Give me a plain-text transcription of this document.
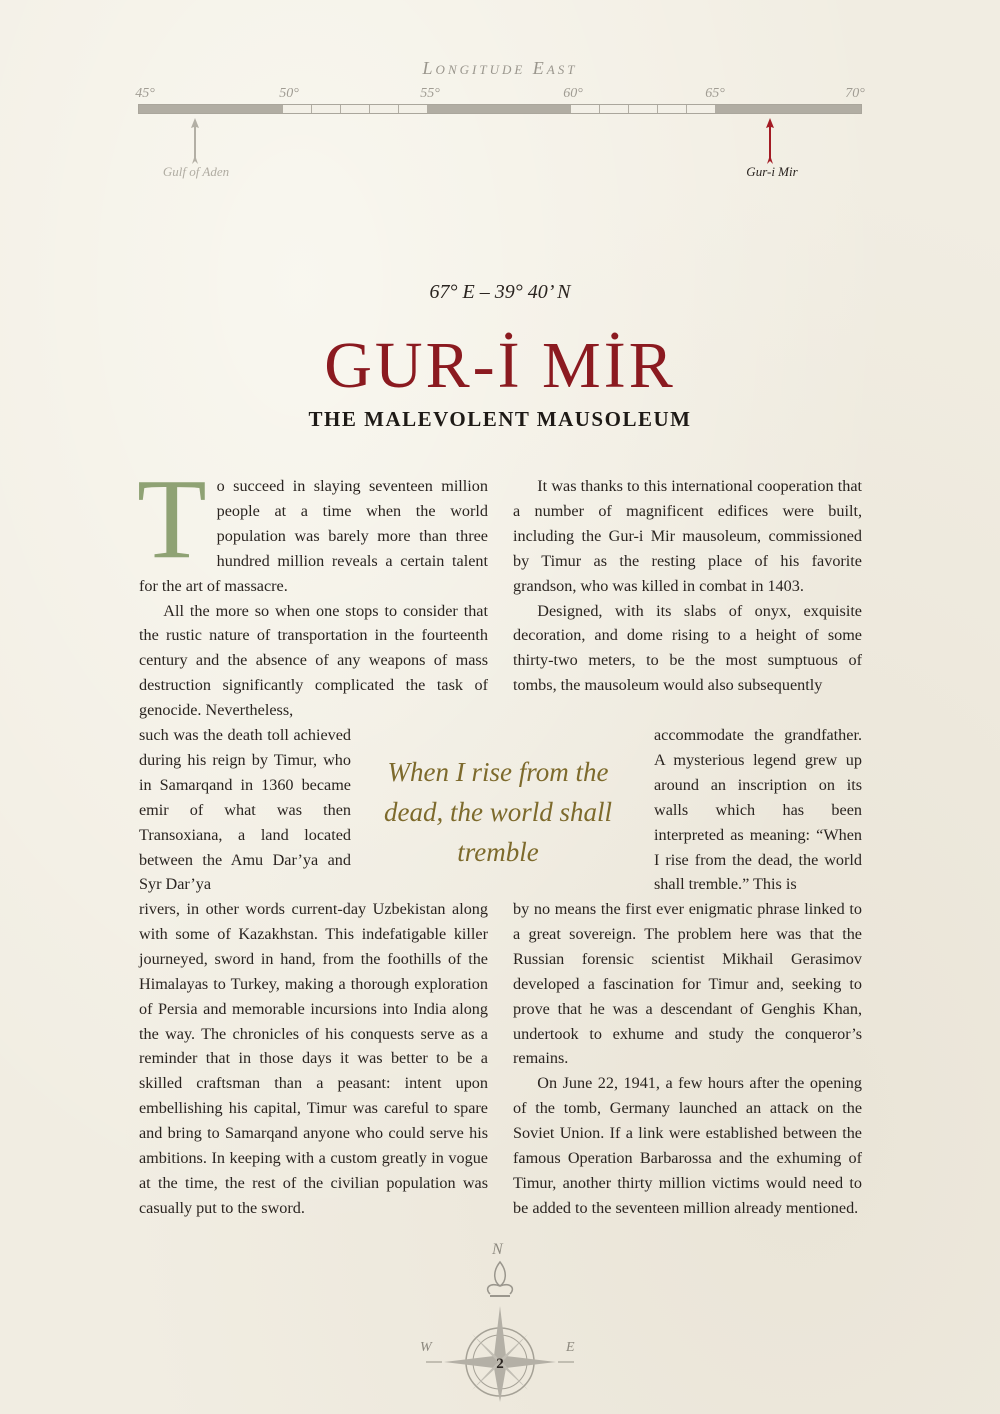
Longitude East
45°	50°	55°	60°	65°	70°
Gulf of Aden	Gur-i Mir
67° E – 39° 40’ N
GUR-İ MİR
THE MALEVOLENT MAUSOLEUM

To succeed in slaying seventeen million people at a time when the world population was barely more than three hundred million reveals a certain talent for the art of massacre.

All the more so when one stops to consider that the rustic nature of transportation in the fourteenth century and the absence of any weapons of mass destruction significantly complicated the task of genocide. Nevertheless,

such was the death toll achieved during his reign by Timur, who in Samarqand in 1360 became emir of what was then Transoxiana, a land located between the Amu Dar’ya and Syr Dar’ya

rivers, in other words current-day Uzbekistan along with some of Kazakhstan. This indefatigable killer journeyed, sword in hand, from the foothills of the Himalayas to Turkey, making a thorough exploration of Persia and memorable incursions into India along the way. The chronicles of his conquests serve as a reminder that in those days it was better to be a skilled craftsman than a peasant: intent upon embellishing his capital, Timur was careful to spare and bring to Samarqand anyone who could serve his ambitions. In keeping with a custom greatly in vogue at the time, the rest of the civilian population was casually put to the sword.

It was thanks to this international cooperation that a number of magnificent edifices were built, including the Gur-i Mir mausoleum, commissioned by Timur as the resting place of his favorite grandson, who was killed in combat in 1403.

Designed, with its slabs of onyx, exquisite decoration, and dome rising to a height of some thirty-two meters, to be the most sumptuous of tombs, the mausoleum would also subsequently

accommodate the grandfather. A mysterious legend grew up around an inscription on its walls which has been interpreted as meaning: “When I rise from the dead, the world shall tremble.” This is

by no means the first ever enigmatic phrase linked to a great sovereign. The problem here was that the Russian forensic scientist Mikhail Gerasimov developed a fascination for Timur and, seeking to prove that he was a descendant of Genghis Khan, undertook to exhume and study the conqueror’s remains.

On June 22, 1941, a few hours after the opening of the tomb, Germany launched an attack on the Soviet Union. If a link were established between the famous Operation Barbarossa and the exhuming of Timur, another thirty million victims would need to be added to the seventeen million already mentioned.

When I rise from the dead, the world shall tremble
N
W	E
2
